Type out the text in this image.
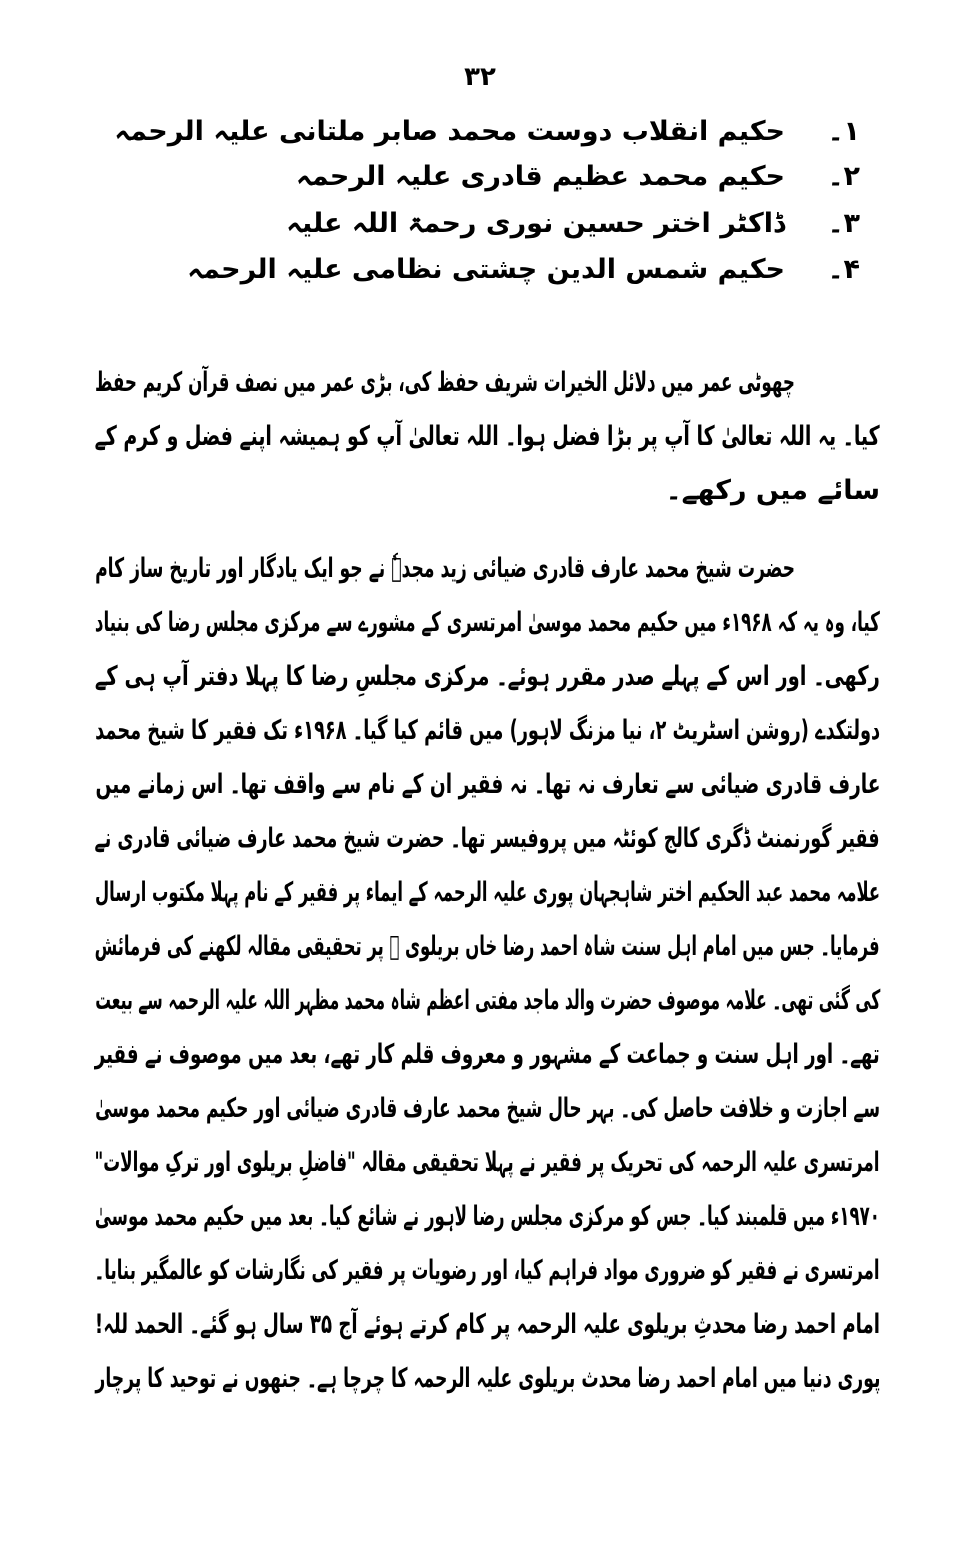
۳۲
۱۔
حکیم انقلاب دوست محمد صابر ملتانی علیہ الرحمہ
۲۔
حکیم محمد عظیم قادری علیہ الرحمہ
۳۔
ڈاکٹر اختر حسین نوری رحمۃ اللہ علیہ
۴۔
حکیم شمس الدین چشتی نظامی علیہ الرحمہ
چھوٹی عمر میں دلائل الخیرات شریف حفظ کی، بڑی عمر میں نصف قرآن کریم حفظ
کیا۔ یہ اللہ تعالیٰ کا آپ پر بڑا فضل ہوا۔ اللہ تعالیٰ آپ کو ہمیشہ اپنے فضل و کرم کے
سائے میں رکھے۔
حضرت شیخ محمد عارف قادری ضیائی زید مجدہٗ نے جو ایک یادگار اور تاریخ ساز کام
کیا، وہ یہ کہ ۱۹۶۸ء میں حکیم محمد موسیٰ امرتسری کے مشورے سے مرکزی مجلس رضا کی بنیاد
رکھی۔ اور اس کے پہلے صدر مقرر ہوئے۔ مرکزی مجلسِ رضا کا پہلا دفتر آپ ہی کے
دولتکدے (روشن اسٹریٹ ۲، نیا مزنگ لاہور) میں قائم کیا گیا۔ ۱۹۶۸ء تک فقیر کا شیخ محمد
عارف قادری ضیائی سے تعارف نہ تھا۔ نہ فقیر ان کے نام سے واقف تھا۔ اس زمانے میں
فقیر گورنمنٹ ڈگری کالج کوئٹہ میں پروفیسر تھا۔ حضرت شیخ محمد عارف ضیائی قادری نے
علامہ محمد عبد الحکیم اختر شاہجہان پوری علیہ الرحمہ کے ایماء پر فقیر کے نام پہلا مکتوب ارسال
فرمایا۔ جس میں امام اہل سنت شاہ احمد رضا خاں بریلوی ﷫ پر تحقیقی مقالہ لکھنے کی فرمائش
کی گئی تھی۔ علامہ موصوف حضرت والد ماجد مفتی اعظم شاہ محمد مظہر اللہ علیہ الرحمہ سے بیعت
تھے۔ اور اہل سنت و جماعت کے مشہور و معروف قلم کار تھے، بعد میں موصوف نے فقیر
سے اجازت و خلافت حاصل کی۔ بہر حال شیخ محمد عارف قادری ضیائی اور حکیم محمد موسیٰ
امرتسری علیہ الرحمہ کی تحریک پر فقیر نے پہلا تحقیقی مقالہ "فاضلِ بریلوی اور ترکِ موالات"
۱۹۷۰ء میں قلمبند کیا۔ جس کو مرکزی مجلس رضا لاہور نے شائع کیا۔ بعد میں حکیم محمد موسیٰ
امرتسری نے فقیر کو ضروری مواد فراہم کیا، اور رضویات پر فقیر کی نگارشات کو عالمگیر بنایا۔
امام احمد رضا محدثِ بریلوی علیہ الرحمہ پر کام کرتے ہوئے آج ۳۵ سال ہو گئے۔ الحمد للہ!
پوری دنیا میں امام احمد رضا محدث بریلوی علیہ الرحمہ کا چرچا ہے۔ جنھوں نے توحید کا پرچار
